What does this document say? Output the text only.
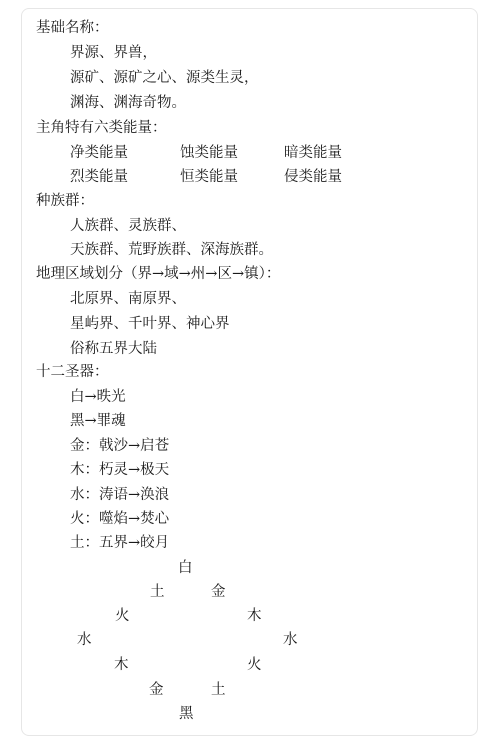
基础名称：
界源、界兽，
源矿、源矿之心、源类生灵，
渊海、渊海奇物。
主角特有六类能量：
净类能量	蚀类能量	暗类能量
烈类能量	恒类能量	侵类能量
种族群：
人族群、灵族群、
天族群、荒野族群、深海族群。
地理区域划分（界→域→州→区→镇）：
北原界、南原界、
星屿界、千叶界、神心界
俗称五界大陆
十二圣器：
白→昳光
黑→罪魂
金：戟沙→启苍
木：朽灵→极天
水：涛语→涣浪
火：噬焰→焚心
土：五界→皎月
白
土	金
火	木
水	水
木	火
金	土
黑
